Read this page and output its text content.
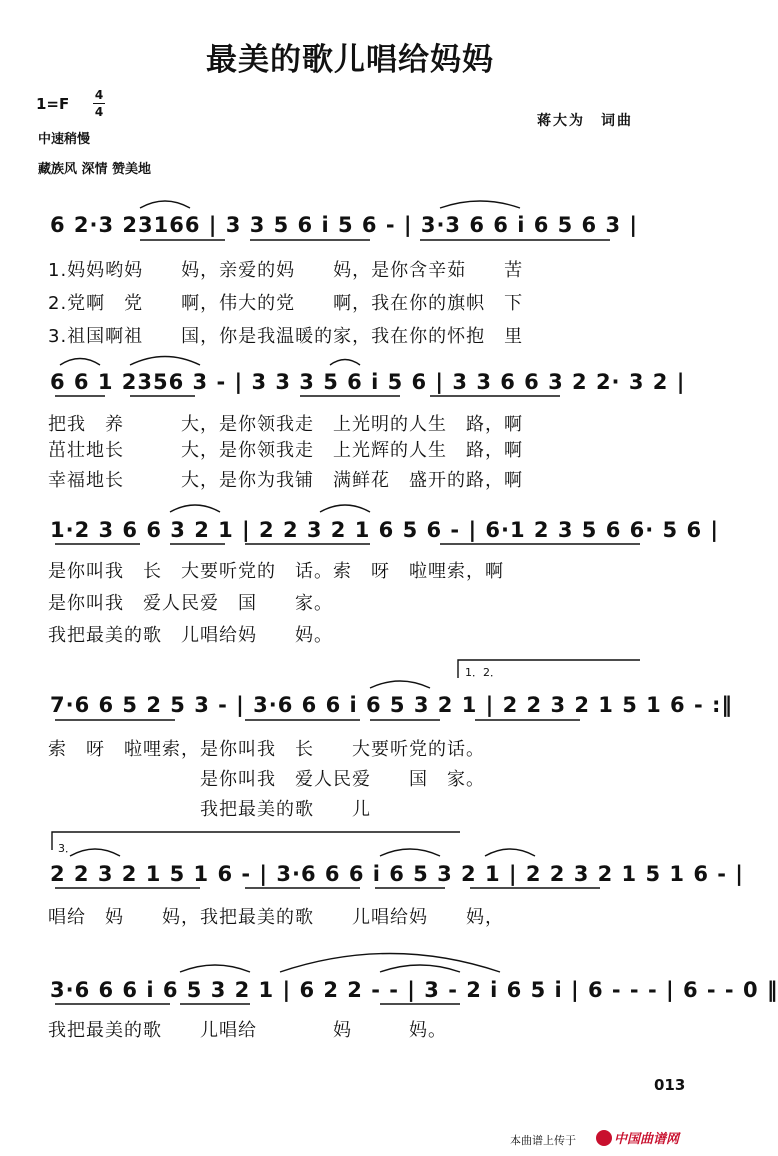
最美的歌儿唱给妈妈
1=F 4
4
中速稍慢
藏族风 深情 赞美地
蒋大为　词曲
6 2·3 23166 | 3 3 5 6 i 5 6 - | 3·3 6 6 i 6 5 6 3 |
1.妈妈哟妈　　妈，亲爱的妈　　妈，是你含辛茹　　苦
2.党啊　党　　啊，伟大的党　　啊，我在你的旗帜　下
3.祖国啊祖　　国，你是我温暖的家，我在你的怀抱　里
6 6 1 2356 3 - | 3 3 3 5 6 i 5 6 | 3 3 6 6 3 2 2· 3 2 |
把我　养　　　大，是你领我走　上光明的人生　路，啊
茁壮地长　　　大，是你领我走　上光辉的人生　路，啊
幸福地长　　　大，是你为我铺　满鲜花　盛开的路，啊
1·2 3 6 6 3 2 1 | 2 2 3 2 1 6 5 6 - | 6·1 2 3 5 6 6· 5 6 |
是你叫我　长　大要听党的　话。索　呀　啦哩索，啊
是你叫我　爱人民爱　国　　家。
我把最美的歌　儿唱给妈　　妈。
1．2．
7·6 6 5 2 5 3 - | 3·6 6 6 i 6 5 3 2 1 | 2 2 3 2 1 5 1 6 - :‖
索　呀　啦哩索，是你叫我　长　　大要听党的话。
　　　　　　　　是你叫我　爱人民爱　　国　家。
　　　　　　　　我把最美的歌　　儿
3．
2 2 3 2 1 5 1 6 - | 3·6 6 6 i 6 5 3 2 1 | 2 2 3 2 1 5 1 6 - |
唱给　妈　　妈，我把最美的歌　　儿唱给妈　　妈，
3·6 6 6 i 6 5 3 2 1 | 6 2 2 - - | 3 - 2 i 6 5 i | 6 - - - | 6 - - 0 ‖
我把最美的歌　　儿唱给　　　　妈　　　妈。
013
本曲谱上传于	中国曲谱网
